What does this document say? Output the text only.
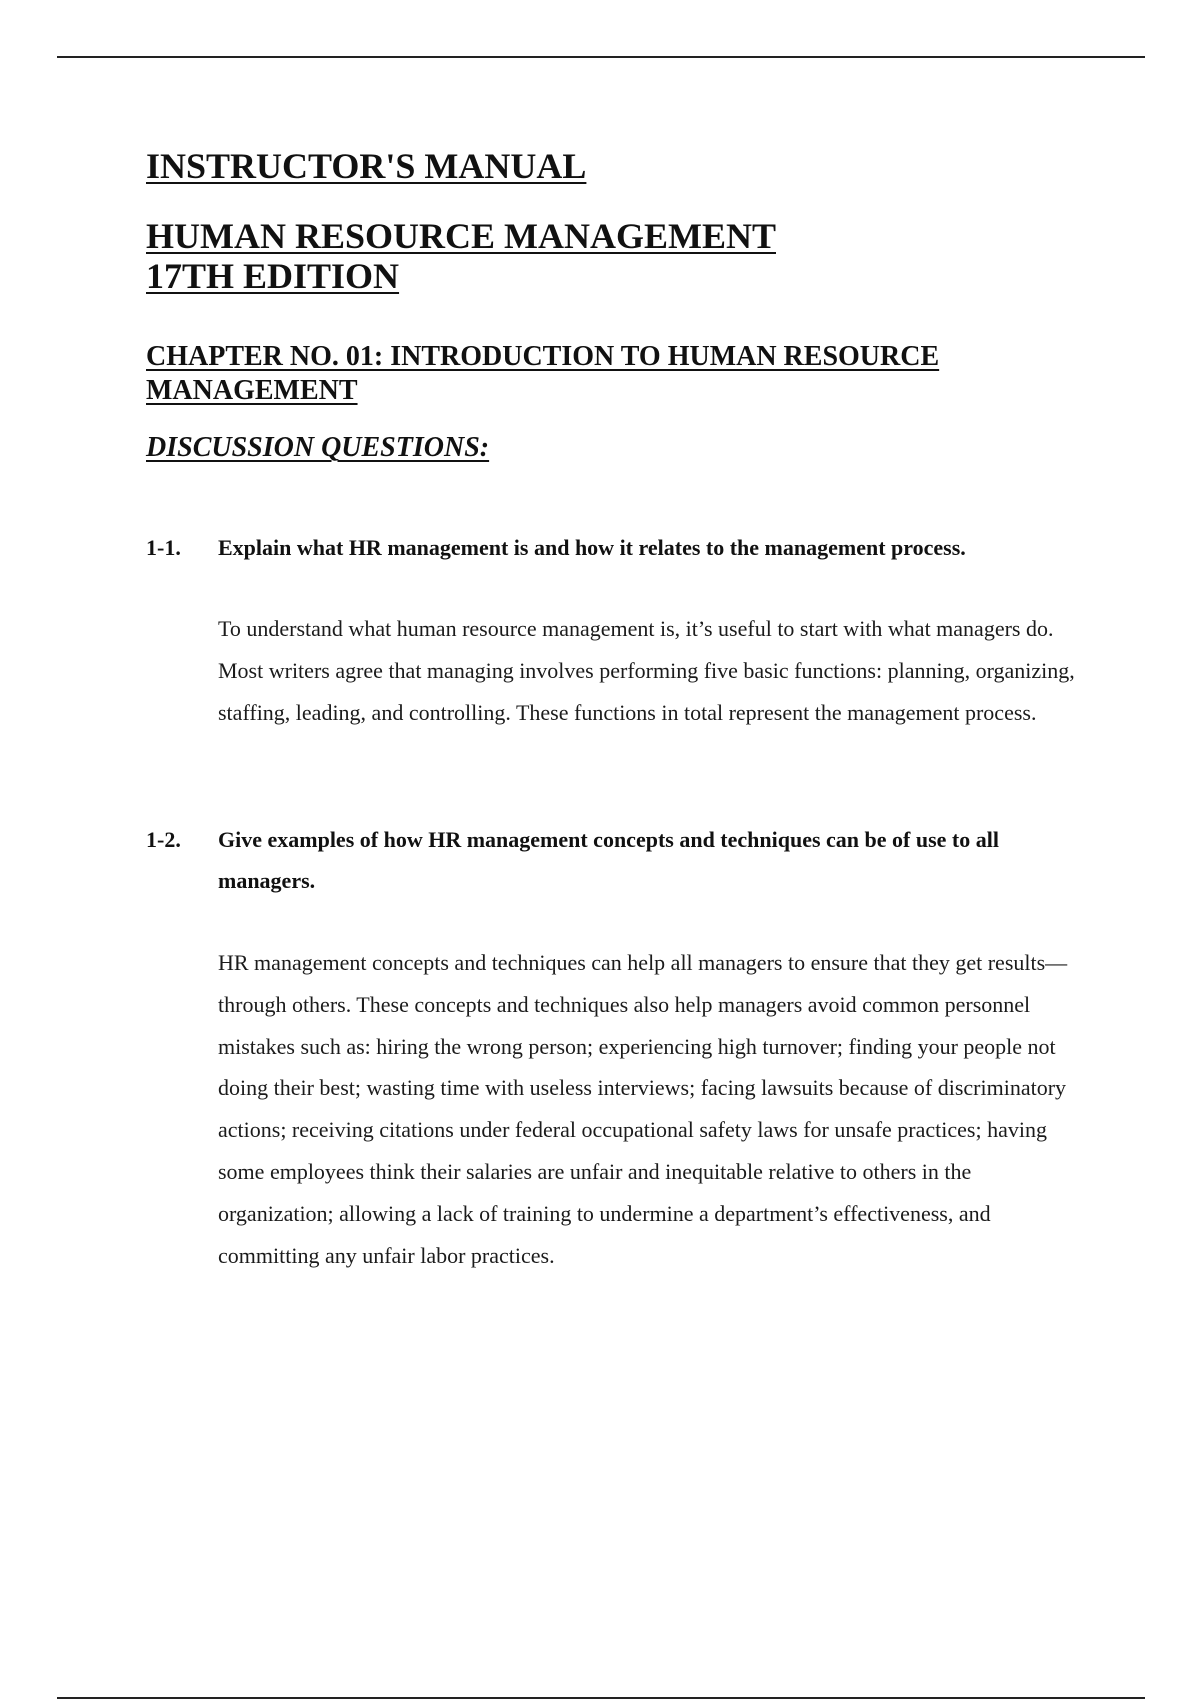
INSTRUCTOR'S MANUAL
HUMAN RESOURCE MANAGEMENT
17TH EDITION
CHAPTER NO. 01: INTRODUCTION TO HUMAN RESOURCE
MANAGEMENT
DISCUSSION QUESTIONS:
1-1. Explain what HR management is and how it relates to the management process.

To understand what human resource management is, it’s useful to start with what managers do. Most writers agree that managing involves performing five basic functions: planning, organizing, staffing, leading, and controlling. These functions in total represent the management process.

1-2. Give examples of how HR management concepts and techniques can be of use to all managers.

HR management concepts and techniques can help all managers to ensure that they get results—through others. These concepts and techniques also help managers avoid common personnel mistakes such as: hiring the wrong person; experiencing high turnover; finding your people not doing their best; wasting time with useless interviews; facing lawsuits because of discriminatory actions; receiving citations under federal occupational safety laws for unsafe practices; having some employees think their salaries are unfair and inequitable relative to others in the organization; allowing a lack of training to undermine a department’s effectiveness, and committing any unfair labor practices.
